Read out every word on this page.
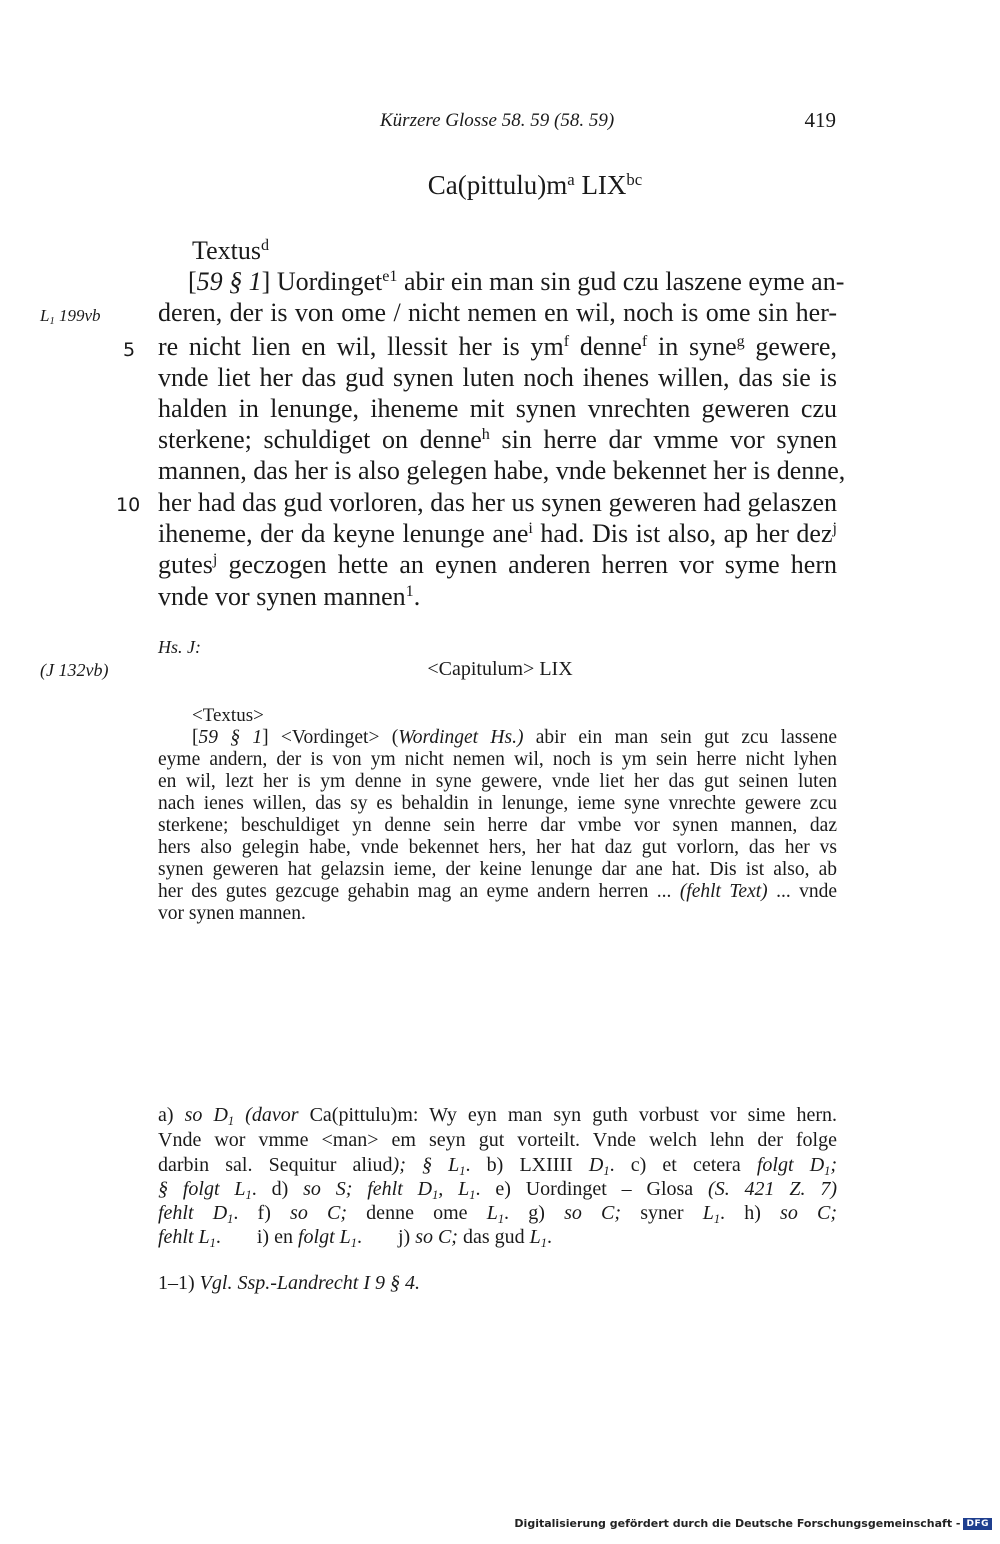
Kürzere Glosse 58. 59 (58. 59)	419
$Ca(pittulu)m^a$ $LIX^{bc}$
Textus$^d$
[59 § 1] Uordinget$^{e1}$ abir ein man sin gud czu laszene eyme an-
deren, der is von ome / nicht nemen en wil, noch is ome sin her-
re nicht lien en wil, llessit her is $ym^f$ denne$^f$ in syne$^g$ gewere,
vnde liet her das gud synen luten noch ihenes willen, das sie is
halden in lenunge, iheneme mit synen vnrechten geweren czu
sterkene; schuldiget on denne$^h$ sin herre dar vmme vor synen
mannen, das her is also gelegen habe, vnde bekennet her is denne,
her had das gud vorloren, das her us synen geweren had gelaszen
iheneme, der da keyne lenunge ane$^i$ had. Dis ist also, ap her dez$^j$
gutes$^j$ geczogen hette an eynen anderen herren vor syme hern
vnde vor synen mannen$^1$.
$L_1$ 199vb
5
10
Hs. J:
(J 132vb)	<Capitulum> LIX
<Textus>
[59 § 1] <Vordinget> (Wordinget Hs.) abir ein man sein gut zcu lassene
eyme andern, der is von ym nicht nemen wil, noch is ym sein herre nicht lyhen
en wil, lezt her is ym denne in syne gewere, vnde liet her das gut seinen luten
nach ienes willen, das sy es behaldin in lenunge, ieme syne vnrechte gewere zcu
sterkene; beschuldiget yn denne sein herre dar vmbe vor synen mannen, daz
hers also gelegin habe, vnde bekennet hers, her hat daz gut vorlorn, das her vs
synen geweren hat gelazsin ieme, der keine lenunge dar ane hat. Dis ist also, ab
her des gutes gezcuge gehabin mag an eyme andern herren ... (fehlt Text) ... vnde
vor synen mannen.
a) so $D_1$ (davor Ca(pittulu)m: Wy eyn man syn guth vorbust vor sime hern.
Vnde wor vmme <man> em seyn gut vorteilt. Vnde welch lehn der folge
darbin sal. Sequitur aliud); § $L_1$. b) LXIIII $D_1$. c) et cetera folgt $D_1$;
§ folgt $L_1$. d) so S; fehlt $D_1$, $L_1$. e) Uordinget – Glosa (S. 421 Z. 7)
fehlt $D_1$. f) so C; denne ome $L_1$. g) so C; syner $L_1$. h) so C;
fehlt $L_1$. i) en folgt $L_1$. j) so C; das gud $L_1$.
1–1) Vgl. Ssp.-Landrecht I 9 § 4.
Digitalisierung gefördert durch die Deutsche Forschungsgemeinschaft - DFG
